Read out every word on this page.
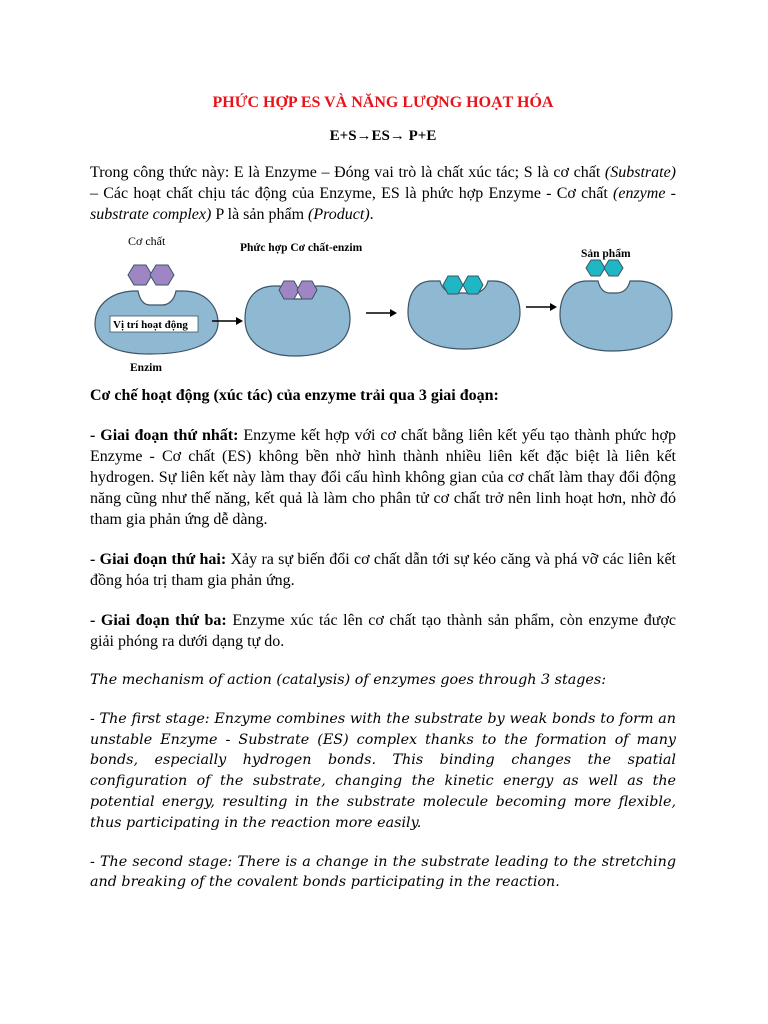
PHỨC HỢP ES VÀ NĂNG LƯỢNG HOẠT HÓA
E+S→ES→ P+E

Trong công thức này: E là Enzyme – Đóng vai trò là chất xúc tác; S là cơ chất (Substrate) – Các hoạt chất chịu tác động của Enzyme, ES là phức hợp Enzyme - Cơ chất (enzyme - substrate complex) P là sản phẩm (Product).

Cơ chất	Phức hợp Cơ chất-enzim	Sản phẩm
Vị trí hoạt động
Enzim
Cơ chế hoạt động (xúc tác) của enzyme trải qua 3 giai đoạn:

- Giai đoạn thứ nhất: Enzyme kết hợp với cơ chất bằng liên kết yếu tạo thành phức hợp Enzyme - Cơ chất (ES) không bền nhờ hình thành nhiều liên kết đặc biệt là liên kết hydrogen. Sự liên kết này làm thay đổi cấu hình không gian của cơ chất làm thay đổi động năng cũng như thế năng, kết quả là làm cho phân tử cơ chất trở nên linh hoạt hơn, nhờ đó tham gia phản ứng dễ dàng.

- Giai đoạn thứ hai: Xảy ra sự biến đổi cơ chất dẫn tới sự kéo căng và phá vỡ các liên kết đồng hóa trị tham gia phản ứng.

- Giai đoạn thứ ba: Enzyme xúc tác lên cơ chất tạo thành sản phẩm, còn enzyme được giải phóng ra dưới dạng tự do.

The mechanism of action (catalysis) of enzymes goes through 3 stages:

- The first stage: Enzyme combines with the substrate by weak bonds to form an unstable Enzyme - Substrate (ES) complex thanks to the formation of many bonds, especially hydrogen bonds. This binding changes the spatial configuration of the substrate, changing the kinetic energy as well as the potential energy, resulting in the substrate molecule becoming more flexible, thus participating in the reaction more easily.

- The second stage: There is a change in the substrate leading to the stretching and breaking of the covalent bonds participating in the reaction.
